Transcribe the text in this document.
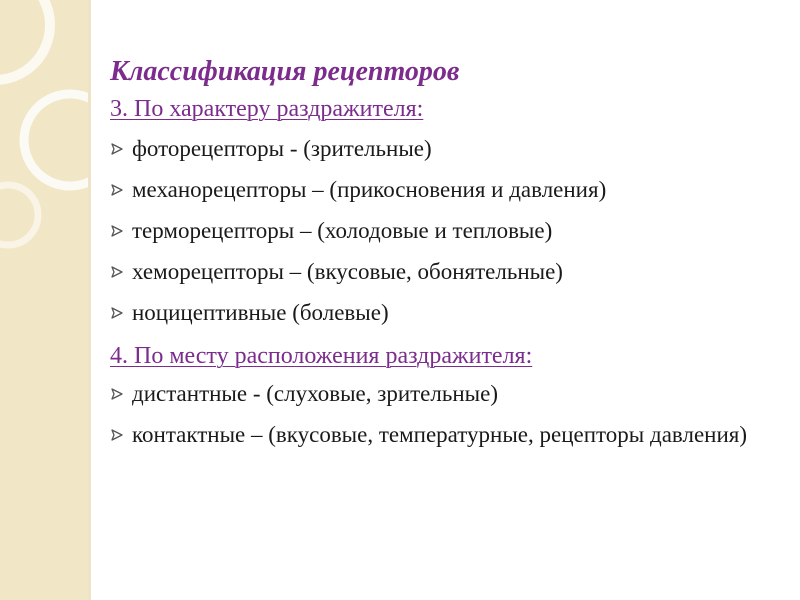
Классификация рецепторов
3. По характеру раздражителя:
фоторецепторы - (зрительные)
механорецепторы – (прикосновения и давления)
терморецепторы – (холодовые и тепловые)
хеморецепторы – (вкусовые, обонятельные)
ноцицептивные (болевые)
4. По месту расположения раздражителя:
дистантные - (слуховые, зрительные)
контактные – (вкусовые, температурные, рецепторы давления)
